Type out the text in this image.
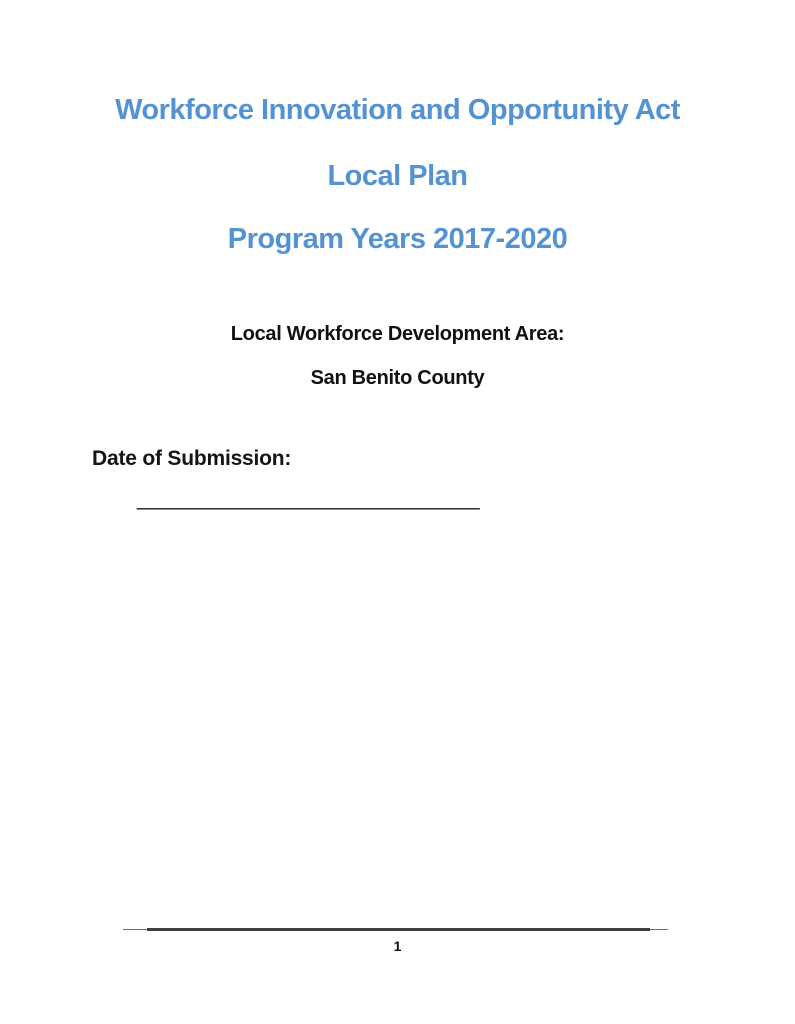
Workforce Innovation and Opportunity Act
Local Plan
Program Years 2017-2020
Local Workforce Development Area:
San Benito County
Date of Submission:
____________________________
1
